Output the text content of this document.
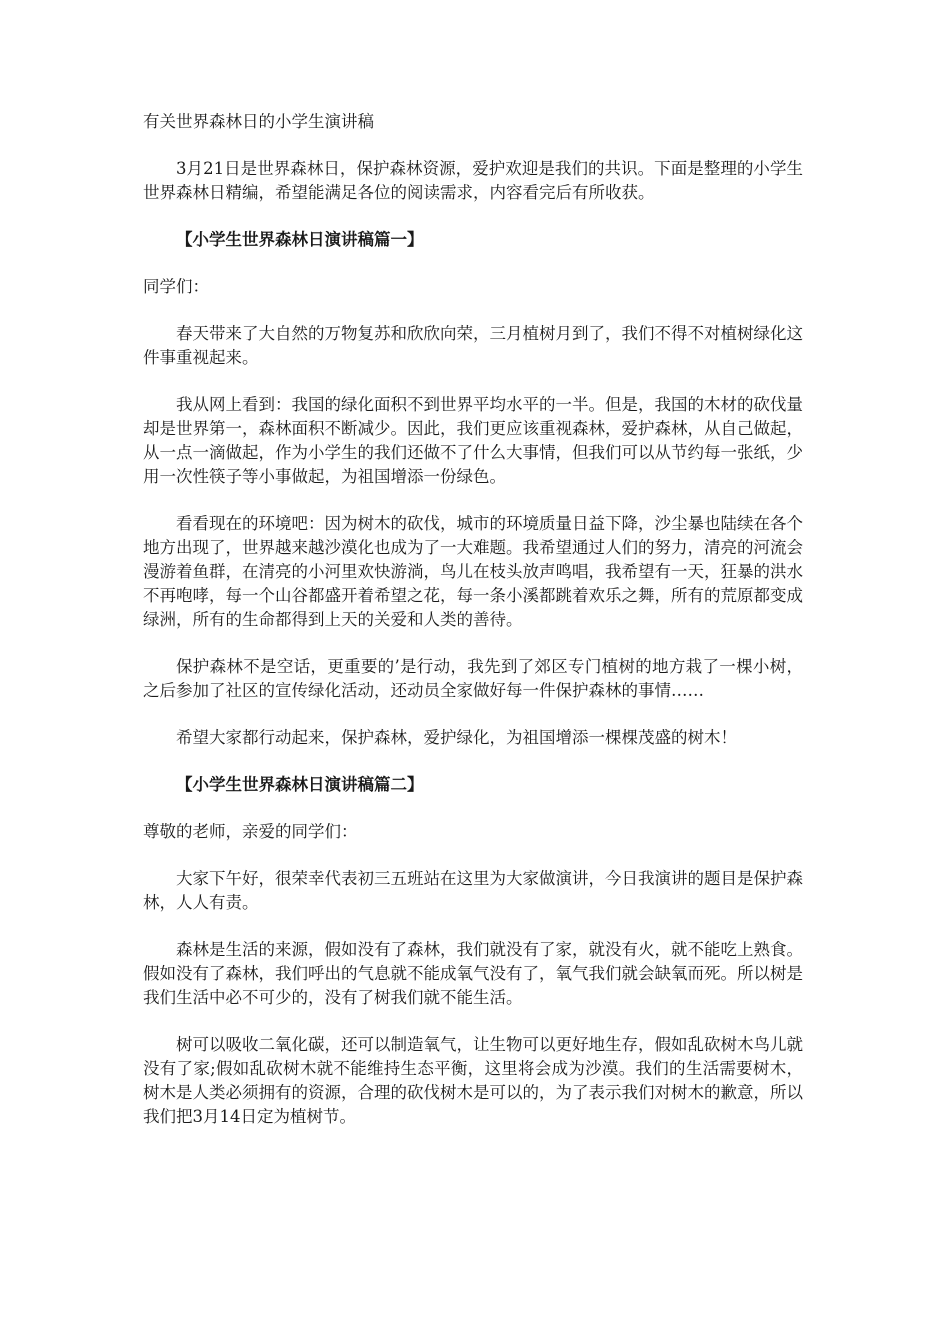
有关世界森林日的小学生演讲稿

3月21日是世界森林日，保护森林资源，爱护欢迎是我们的共识。下面是整理的小学生世界森林日精编，希望能满足各位的阅读需求，内容看完后有所收获。

【小学生世界森林日演讲稿篇一】

同学们：

春天带来了大自然的万物复苏和欣欣向荣，三月植树月到了，我们不得不对植树绿化这件事重视起来。

我从网上看到：我国的绿化面积不到世界平均水平的一半。但是，我国的木材的砍伐量却是世界第一，森林面积不断减少。因此，我们更应该重视森林，爱护森林，从自己做起，从一点一滴做起，作为小学生的我们还做不了什么大事情，但我们可以从节约每一张纸，少用一次性筷子等小事做起，为祖国增添一份绿色。

看看现在的环境吧：因为树木的砍伐，城市的环境质量日益下降，沙尘暴也陆续在各个地方出现了，世界越来越沙漠化也成为了一大难题。我希望通过人们的努力，清亮的河流会漫游着鱼群，在清亮的小河里欢快游淌，鸟儿在枝头放声鸣唱，我希望有一天，狂暴的洪水不再咆哮，每一个山谷都盛开着希望之花，每一条小溪都跳着欢乐之舞，所有的荒原都变成绿洲，所有的生命都得到上天的关爱和人类的善待。

保护森林不是空话，更重要的’是行动，我先到了郊区专门植树的地方栽了一棵小树，之后参加了社区的宣传绿化活动，还动员全家做好每一件保护森林的事情……

希望大家都行动起来，保护森林，爱护绿化，为祖国增添一棵棵茂盛的树木！

【小学生世界森林日演讲稿篇二】

尊敬的老师，亲爱的同学们：

大家下午好，很荣幸代表初三五班站在这里为大家做演讲，今日我演讲的题目是保护森林，人人有责。

森林是生活的来源，假如没有了森林，我们就没有了家，就没有火，就不能吃上熟食。假如没有了森林，我们呼出的气息就不能成氧气没有了，氧气我们就会缺氧而死。所以树是我们生活中必不可少的，没有了树我们就不能生活。

树可以吸收二氧化碳，还可以制造氧气，让生物可以更好地生存，假如乱砍树木鸟儿就没有了家;假如乱砍树木就不能维持生态平衡，这里将会成为沙漠。我们的生活需要树木，树木是人类必须拥有的资源，合理的砍伐树木是可以的，为了表示我们对树木的歉意，所以我们把3月14日定为植树节。
